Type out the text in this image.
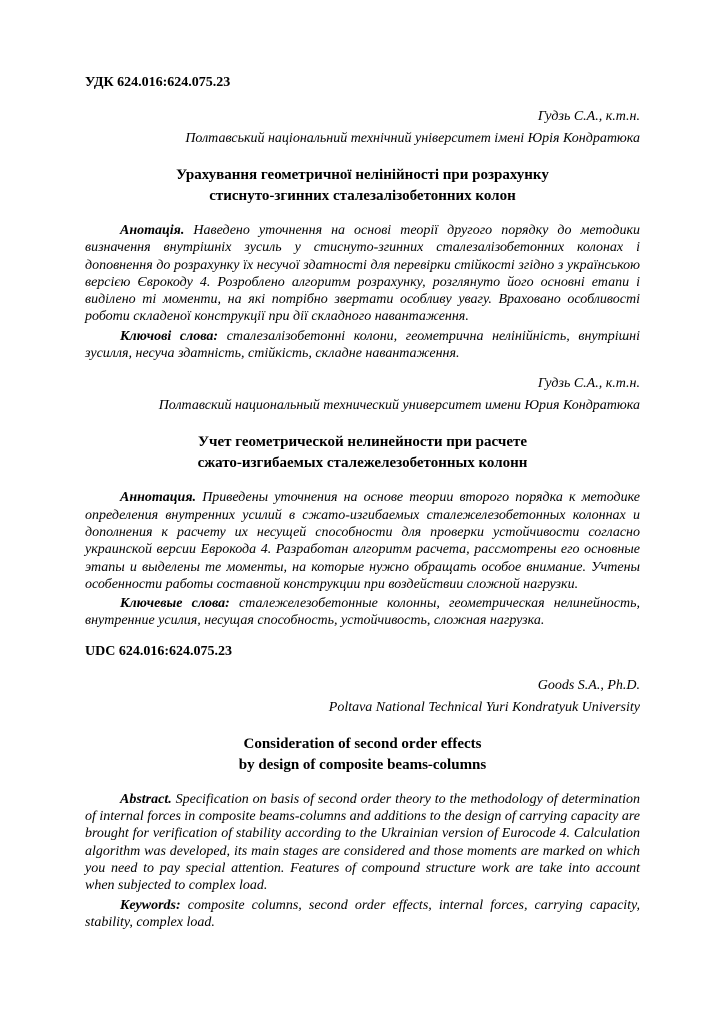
УДК 624.016:624.075.23
Гудзь С.А., к.т.н.
Полтавський національний технічний університет імені Юрія Кондратюка
Урахування геометричної нелінійності при розрахунку
стиснуто-згинних сталезалізобетонних колон

Анотація. Наведено уточнення на основі теорії другого порядку до методики визначення внутрішніх зусиль у стиснуто-згинних сталезалізобетонних колонах і доповнення до розрахунку їх несучої здатності для перевірки стійкості згідно з українською версією Єврокоду 4. Розроблено алгоритм розрахунку, розглянуто його основні етапи і виділено ті моменти, на які потрібно звертати особливу увагу. Враховано особливості роботи складеної конструкції при дії складного навантаження.

Ключові слова: сталезалізобетонні колони, геометрична нелінійність, внутрішні зусилля, несуча здатність, стійкість, складне навантаження.

Гудзь С.А., к.т.н.
Полтавский национальный технический университет имени Юрия Кондратюка
Учет геометрической нелинейности при расчете
сжато-изгибаемых сталежелезобетонных колонн

Аннотация. Приведены уточнения на основе теории второго порядка к методике определения внутренних усилий в сжато-изгибаемых сталежелезобетонных колоннах и дополнения к расчету их несущей способности для проверки устойчивости согласно украинской версии Еврокода 4. Разработан алгоритм расчета, рассмотрены его основные этапы и выделены те моменты, на которые нужно обращать особое внимание. Учтены особенности работы составной конструкции при воздействии сложной нагрузки.

Ключевые слова: сталежелезобетонные колонны, геометрическая нелинейность, внутренние усилия, несущая способность, устойчивость, сложная нагрузка.

UDC 624.016:624.075.23
Goods S.A., Ph.D.
Poltava National Technical Yuri Kondratyuk University
Consideration of second order effects
by design of composite beams-columns

Abstract. Specification on basis of second order theory to the methodology of determination of internal forces in composite beams-columns and additions to the design of carrying capacity are brought for verification of stability according to the Ukrainian version of Eurocode 4. Calculation algorithm was developed, its main stages are considered and those moments are marked on which you need to pay special attention. Features of compound structure work are take into account when subjected to complex load.

Keywords: composite columns, second order effects, internal forces, carrying capacity, stability, complex load.
